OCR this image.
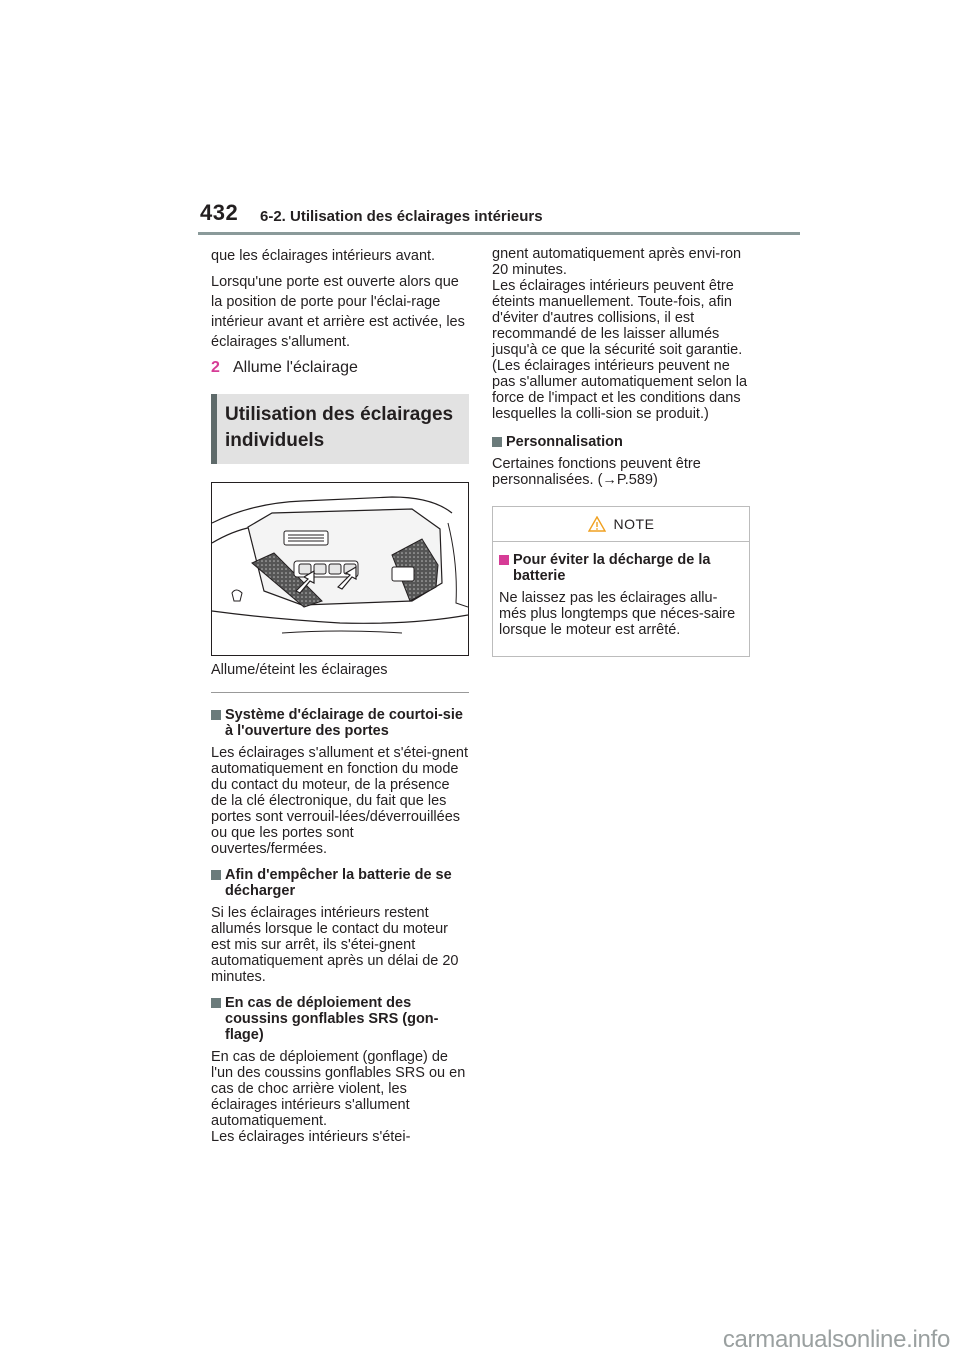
432 6-2. Utilisation des éclairages intérieurs

que les éclairages intérieurs avant.

Lorsqu'une porte est ouverte alors que la position de porte pour l'éclai-rage intérieur avant et arrière est activée, les éclairages s'allument.

2 Allume l'éclairage
Utilisation des éclairages individuels

Allume/éteint les éclairages

Système d'éclairage de courtoi-sie à l'ouverture des portes

Les éclairages s'allument et s'étei-gnent automatiquement en fonction du mode du contact du moteur, de la présence de la clé électronique, du fait que les portes sont verrouil-lées/déverrouillées ou que les portes sont ouvertes/fermées.

Afin d'empêcher la batterie de se décharger

Si les éclairages intérieurs restent allumés lorsque le contact du moteur est mis sur arrêt, ils s'étei-gnent automatiquement après un délai de 20 minutes.

En cas de déploiement des coussins gonflables SRS (gon-flage)

En cas de déploiement (gonflage) de l'un des coussins gonflables SRS ou en cas de choc arrière violent, les éclairages intérieurs s'allument automatiquement.
Les éclairages intérieurs s'étei-

gnent automatiquement après envi-ron 20 minutes.
Les éclairages intérieurs peuvent être éteints manuellement. Toute-fois, afin d'éviter d'autres collisions, il est recommandé de les laisser allumés jusqu'à ce que la sécurité soit garantie.
(Les éclairages intérieurs peuvent ne pas s'allumer automatiquement selon la force de l'impact et les conditions dans lesquelles la colli-sion se produit.)

Personnalisation

Certaines fonctions peuvent être personnalisées. (→P.589)

NOTE
Pour éviter la décharge de la batterie

Ne laissez pas les éclairages allu-més plus longtemps que néces-saire lorsque le moteur est arrêté.

carmanualsonline.info
